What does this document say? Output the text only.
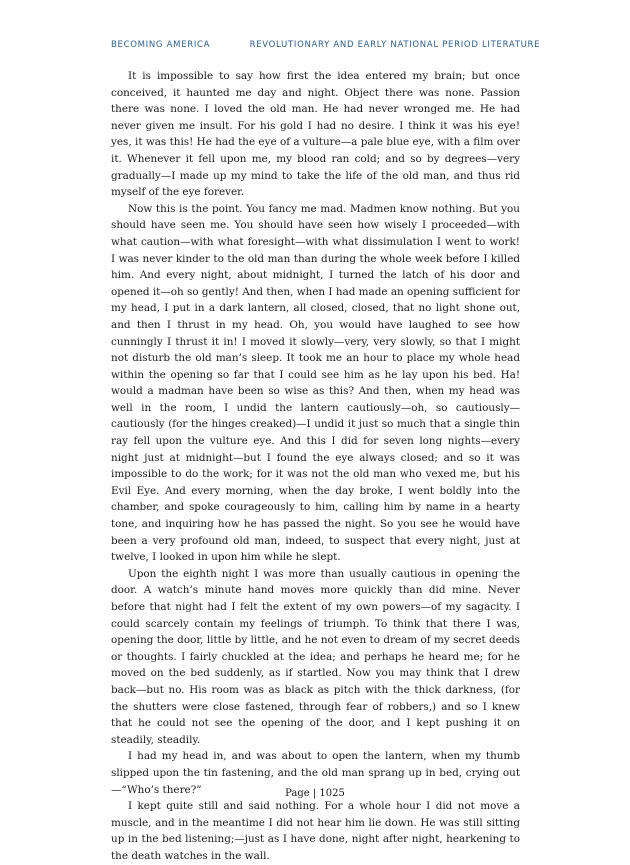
BECOMING AMERICA	REVOLUTIONARY AND EARLY NATIONAL PERIOD LITERATURE

It is impossible to say how first the idea entered my brain; but once conceived, it haunted me day and night. Object there was none. Passion there was none. I loved the old man. He had never wronged me. He had never given me insult. For his gold I had no desire. I think it was his eye! yes, it was this! He had the eye of a vulture—a pale blue eye, with a film over it. Whenever it fell upon me, my blood ran cold; and so by degrees—very gradually—I made up my mind to take the life of the old man, and thus rid myself of the eye forever.

Now this is the point. You fancy me mad. Madmen know nothing. But you should have seen me. You should have seen how wisely I proceeded—with what caution—with what foresight—with what dissimulation I went to work! I was never kinder to the old man than during the whole week before I killed him. And every night, about midnight, I turned the latch of his door and opened it—oh so gently! And then, when I had made an opening sufficient for my head, I put in a dark lantern, all closed, closed, that no light shone out, and then I thrust in my head. Oh, you would have laughed to see how cunningly I thrust it in! I moved it slowly—very, very slowly, so that I might not disturb the old man’s sleep. It took me an hour to place my whole head within the opening so far that I could see him as he lay upon his bed. Ha! would a madman have been so wise as this? And then, when my head was well in the room, I undid the lantern cautiously—oh, so cautiously—cautiously (for the hinges creaked)—I undid it just so much that a single thin ray fell upon the vulture eye. And this I did for seven long nights—every night just at midnight—but I found the eye always closed; and so it was impossible to do the work; for it was not the old man who vexed me, but his Evil Eye. And every morning, when the day broke, I went boldly into the chamber, and spoke courageously to him, calling him by name in a hearty tone, and inquiring how he has passed the night. So you see he would have been a very profound old man, indeed, to suspect that every night, just at twelve, I looked in upon him while he slept.

Upon the eighth night I was more than usually cautious in opening the door. A watch’s minute hand moves more quickly than did mine. Never before that night had I felt the extent of my own powers—of my sagacity. I could scarcely contain my feelings of triumph. To think that there I was, opening the door, little by little, and he not even to dream of my secret deeds or thoughts. I fairly chuckled at the idea; and perhaps he heard me; for he moved on the bed suddenly, as if startled. Now you may think that I drew back—but no. His room was as black as pitch with the thick darkness, (for the shutters were close fastened, through fear of robbers,) and so I knew that he could not see the opening of the door, and I kept pushing it on steadily, steadily.

I had my head in, and was about to open the lantern, when my thumb slipped upon the tin fastening, and the old man sprang up in bed, crying out—“Who’s there?”

I kept quite still and said nothing. For a whole hour I did not move a muscle, and in the meantime I did not hear him lie down. He was still sitting up in the bed listening;—just as I have done, night after night, hearkening to the death watches in the wall.

Page | 1025
